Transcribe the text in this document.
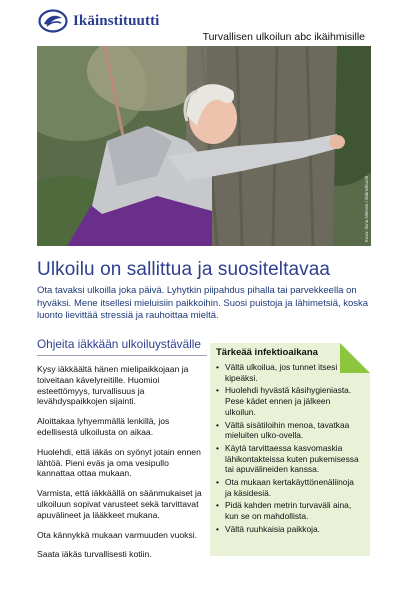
Ikäinstituutti
Turvallisen ulkoilun abc ikäihmisille
Kuva: Ilona Nielsen / Ikäinstituutti
Ulkoilu on sallittua ja suositeltavaa

Ota tavaksi ulkoilla joka päivä. Lyhytkin piipahdus pihalla tai parvekkeella on hyväksi. Mene itsellesi mieluisiin paikkoihin. Suosi puistoja ja lähimetsiä, koska luonto lievittää stressiä ja rauhoittaa mieltä.

Ohjeita iäkkään ulkoiluystävälle

Kysy iäkkäältä hänen mielipaikkojaan ja toiveitaan kävelyreitille. Huomioi esteettömyys, turvallisuus ja levähdyspaikkojen sijainti.

Aloittakaa lyhyemmällä lenkillä, jos edellisestä ulkoilusta on aikaa.

Huolehdi, että iäkäs on syönyt jotain ennen lähtöä. Pieni eväs ja oma vesipullo kannattaa ottaa mukaan.

Varmista, että iäkkäällä on säänmukaiset ja ulkoiluun sopivat varusteet sekä tarvittavat apuvälineet ja lääkkeet mukana.

Ota kännykkä mukaan varmuuden vuoksi.

Saata iäkäs turvallisesti kotiin.

Tärkeää infektioaikana
• Vältä ulkoilua, jos tunnet itsesi kipeäksi.
• Huolehdi hyvästä käsihygieniasta. Pese kädet ennen ja jälkeen ulkoilun.
• Vältä sisätiloihin menoa, tavatkaa mieluiten ulko-ovella.
• Käytä tarvittaessa kasvomaskia lähikontakteissa kuten pukemisessa tai apuvälineiden kanssa.
• Ota mukaan kertakäyttönenäliinoja ja käsidesiä.
• Pidä kahden metrin turvaväli aina, kun se on mahdollista.
• Vältä ruuhkaisia paikkoja.
